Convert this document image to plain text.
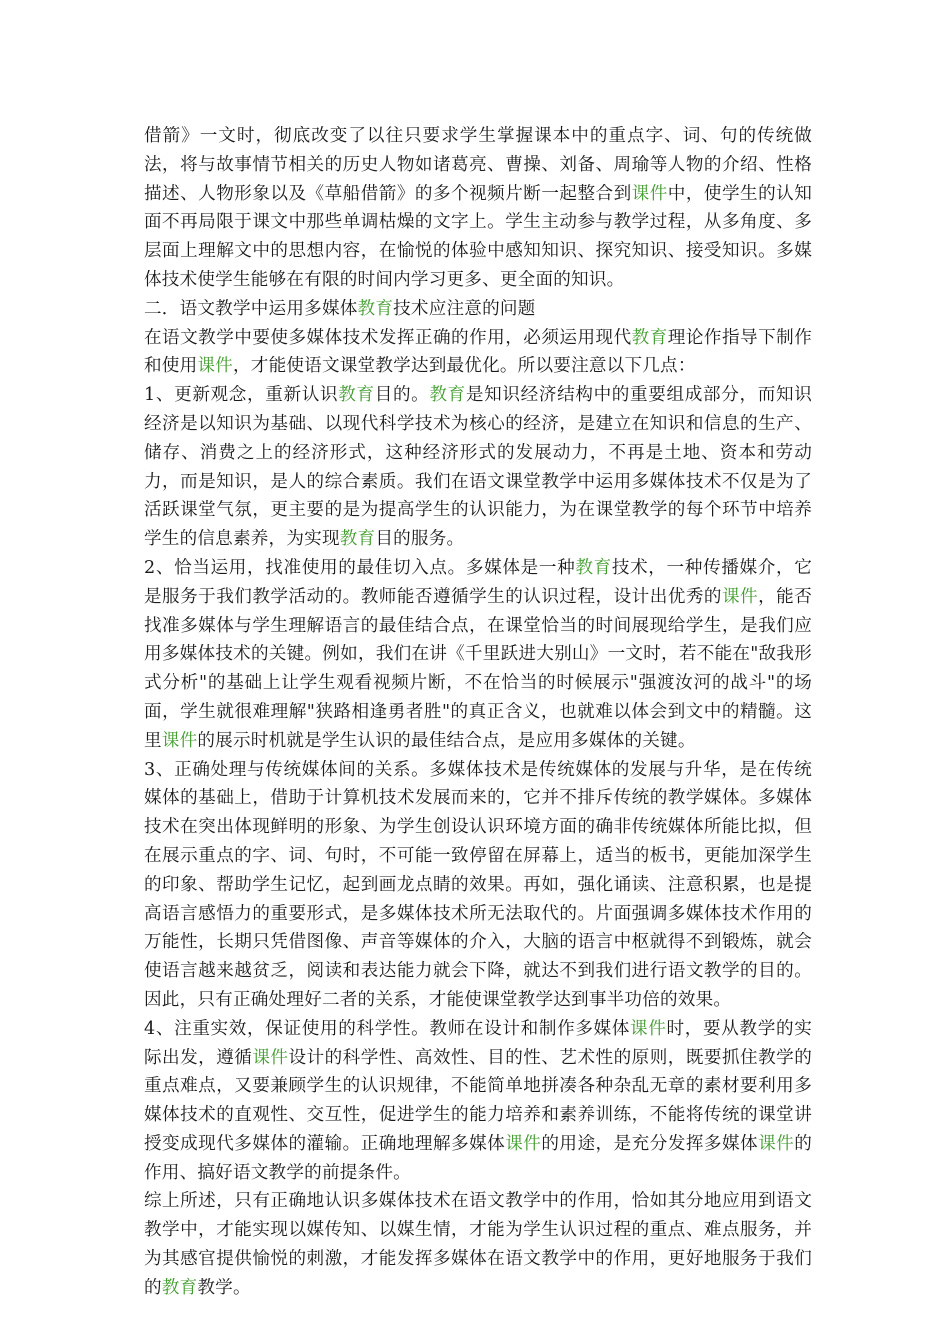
借箭》一文时，彻底改变了以往只要求学生掌握课本中的重点字、词、句的传统做法，将与故事情节相关的历史人物如诸葛亮、曹操、刘备、周瑜等人物的介绍、性格描述、人物形象以及《草船借箭》的多个视频片断一起整合到课件中，使学生的认知面不再局限于课文中那些单调枯燥的文字上。学生主动参与教学过程，从多角度、多层面上理解文中的思想内容，在愉悦的体验中感知知识、探究知识、接受知识。多媒体技术使学生能够在有限的时间内学习更多、更全面的知识。

二．语文教学中运用多媒体教育技术应注意的问题

在语文教学中要使多媒体技术发挥正确的作用，必须运用现代教育理论作指导下制作和使用课件，才能使语文课堂教学达到最优化。所以要注意以下几点：

1、更新观念，重新认识教育目的。教育是知识经济结构中的重要组成部分，而知识经济是以知识为基础、以现代科学技术为核心的经济，是建立在知识和信息的生产、储存、消费之上的经济形式，这种经济形式的发展动力，不再是土地、资本和劳动力，而是知识，是人的综合素质。我们在语文课堂教学中运用多媒体技术不仅是为了活跃课堂气氛，更主要的是为提高学生的认识能力，为在课堂教学的每个环节中培养学生的信息素养，为实现教育目的服务。

2、恰当运用，找准使用的最佳切入点。多媒体是一种教育技术，一种传播媒介，它是服务于我们教学活动的。教师能否遵循学生的认识过程，设计出优秀的课件，能否找准多媒体与学生理解语言的最佳结合点，在课堂恰当的时间展现给学生，是我们应用多媒体技术的关键。例如，我们在讲《千里跃进大别山》一文时，若不能在"敌我形式分析"的基础上让学生观看视频片断，不在恰当的时候展示"强渡汝河的战斗"的场面，学生就很难理解"狭路相逢勇者胜"的真正含义，也就难以体会到文中的精髓。这里课件的展示时机就是学生认识的最佳结合点，是应用多媒体的关键。

3、正确处理与传统媒体间的关系。多媒体技术是传统媒体的发展与升华，是在传统媒体的基础上，借助于计算机技术发展而来的，它并不排斥传统的教学媒体。多媒体技术在突出体现鲜明的形象、为学生创设认识环境方面的确非传统媒体所能比拟，但在展示重点的字、词、句时，不可能一致停留在屏幕上，适当的板书，更能加深学生的印象、帮助学生记忆，起到画龙点睛的效果。再如，强化诵读、注意积累，也是提高语言感悟力的重要形式，是多媒体技术所无法取代的。片面强调多媒体技术作用的万能性，长期只凭借图像、声音等媒体的介入，大脑的语言中枢就得不到锻炼，就会使语言越来越贫乏，阅读和表达能力就会下降，就达不到我们进行语文教学的目的。因此，只有正确处理好二者的关系，才能使课堂教学达到事半功倍的效果。

4、注重实效，保证使用的科学性。教师在设计和制作多媒体课件时，要从教学的实际出发，遵循课件设计的科学性、高效性、目的性、艺术性的原则，既要抓住教学的重点难点，又要兼顾学生的认识规律，不能简单地拼凑各种杂乱无章的素材要利用多媒体技术的直观性、交互性，促进学生的能力培养和素养训练，不能将传统的课堂讲授变成现代多媒体的灌输。正确地理解多媒体课件的用途，是充分发挥多媒体课件的作用、搞好语文教学的前提条件。

综上所述，只有正确地认识多媒体技术在语文教学中的作用，恰如其分地应用到语文教学中，才能实现以媒传知、以媒生情，才能为学生认识过程的重点、难点服务，并为其感官提供愉悦的刺激，才能发挥多媒体在语文教学中的作用，更好地服务于我们的教育教学。
